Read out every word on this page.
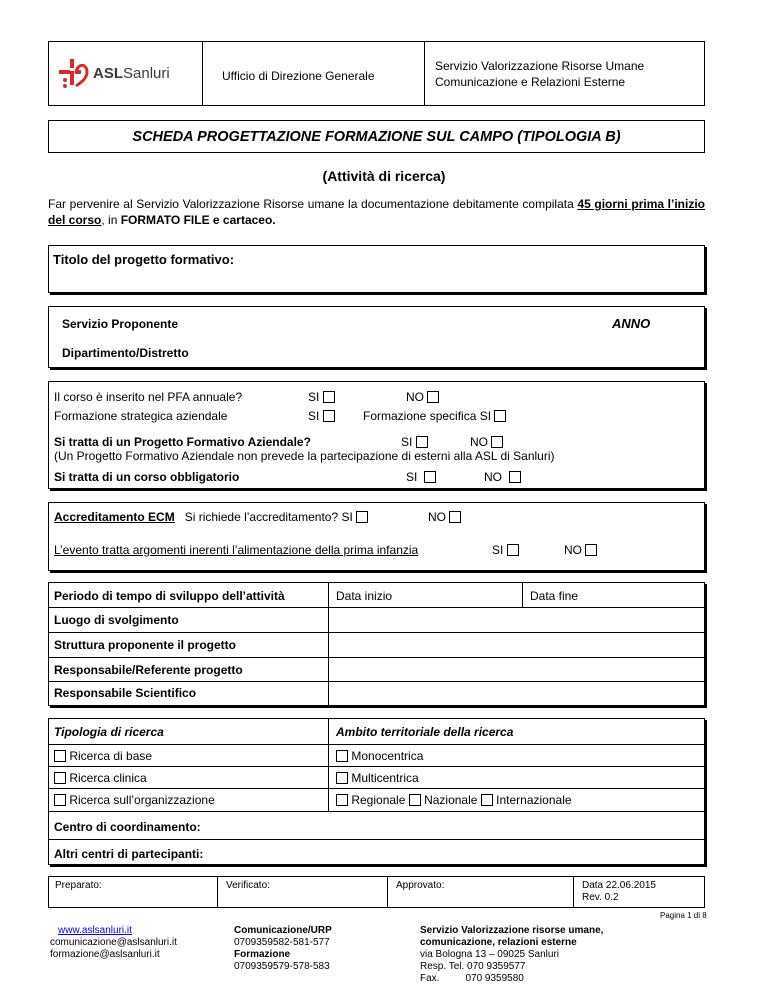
ASLSanluri	Ufficio di Direzione Generale
Servizio Valorizzazione Risorse Umane
Comunicazione e Relazioni Esterne
SCHEDA PROGETTAZIONE FORMAZIONE SUL CAMPO (TIPOLOGIA B)
(Attività di ricerca)
Far pervenire al Servizio Valorizzazione Risorse umane la documentazione debitamente compilata 45 giorni prima l’inizio del corso, in FORMATO FILE e cartaceo.
Titolo del progetto formativo:
Servizio Proponente	ANNO
Dipartimento/Distretto
Il corso è inserito nel PFA annuale?	SI	NO
Formazione strategica aziendale	SI	Formazione specifica SI
Si tratta di un Progetto Formativo Aziendale?	SI	NO
(Un Progetto Formativo Aziendale non prevede la partecipazione di esterni alla ASL di Sanluri)
Si tratta di un corso obbligatorio	SI	NO
Accreditamento ECM Si richiede l’accreditamento? SI	NO
L’evento tratta argomenti inerenti l’alimentazione della prima infanzia	SI	NO
Periodo di tempo di sviluppo dell’attività	Data inizio	Data fine
Luogo di svolgimento
Struttura proponente il progetto
Responsabile/Referente progetto
Responsabile Scientifico
Tipologia di ricerca	Ambito territoriale della ricerca
Ricerca di base	Monocentrica
Ricerca clinica	Multicentrica
Ricerca sull’organizzazione	Regionale Nazionale Internazionale
Centro di coordinamento:
Altri centri di partecipanti:
Preparato:	Verificato:	Approvato:	Data 22.06.2015
Rev. 0.2
Pagina 1 di 8
www.aslsanluri.it
comunicazione@aslsanluri.it
formazione@aslsanluri.it
Comunicazione/URP
0709359582-581-577
Formazione
0709359579-578-583
Servizio Valorizzazione risorse umane,
comunicazione, relazioni esterne
via Bologna 13 – 09025 Sanluri
Resp. Tel. 070 9359577
Fax.	070 9359580
